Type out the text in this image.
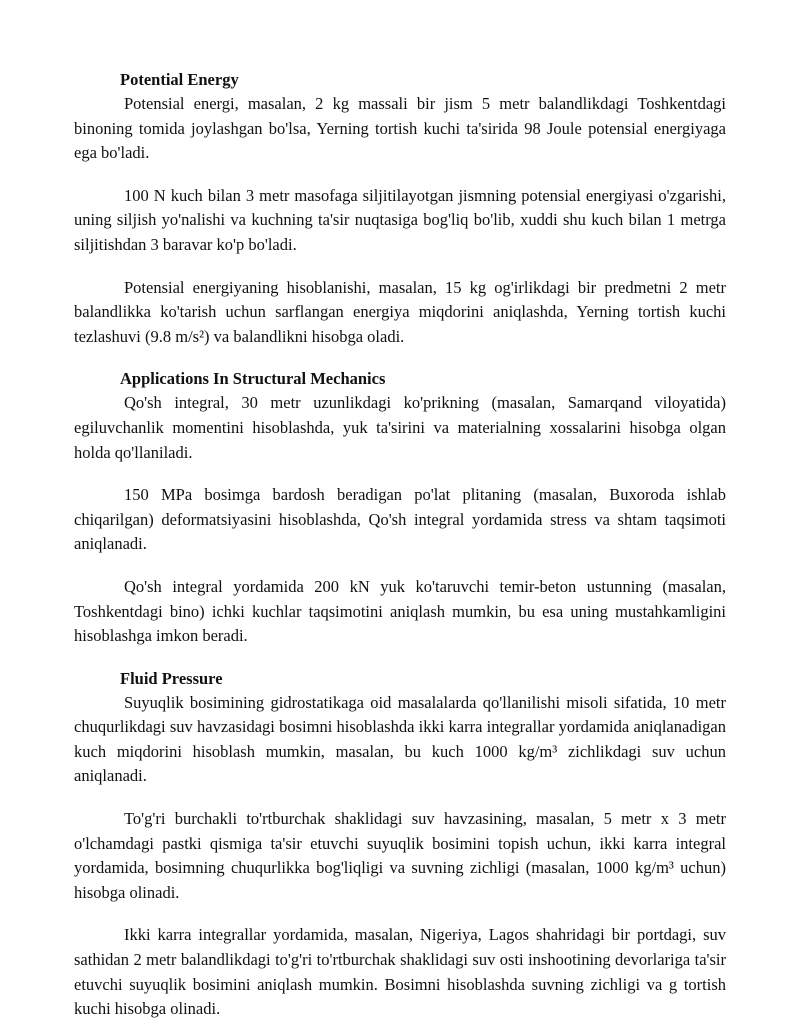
Potential Energy

Potensial energi, masalan, 2 kg massali bir jism 5 metr balandlikdagi Toshkentdagi binoning tomida joylashgan bo'lsa, Yerning tortish kuchi ta'sirida 98 Joule potensial energiyaga ega bo'ladi.

100 N kuch bilan 3 metr masofaga siljitilayotgan jismning potensial energiyasi o'zgarishi, uning siljish yo'nalishi va kuchning ta'sir nuqtasiga bog'liq bo'lib, xuddi shu kuch bilan 1 metrga siljitishdan 3 baravar ko'p bo'ladi.

Potensial energiyaning hisoblanishi, masalan, 15 kg og'irlikdagi bir predmetni 2 metr balandlikka ko'tarish uchun sarflangan energiya miqdorini aniqlashda, Yerning tortish kuchi tezlashuvi (9.8 m/s²) va balandlikni hisobga oladi.

Applications In Structural Mechanics

Qo'sh integral, 30 metr uzunlikdagi ko'prikning (masalan, Samarqand viloyatida) egiluvchanlik momentini hisoblashda, yuk ta'sirini va materialning xossalarini hisobga olgan holda qo'llaniladi.

150 MPa bosimga bardosh beradigan po'lat plitaning (masalan, Buxoroda ishlab chiqarilgan) deformatsiyasini hisoblashda, Qo'sh integral yordamida stress va shtam taqsimoti aniqlanadi.

Qo'sh integral yordamida 200 kN yuk ko'taruvchi temir-beton ustunning (masalan, Toshkentdagi bino) ichki kuchlar taqsimotini aniqlash mumkin, bu esa uning mustahkamligini hisoblashga imkon beradi.

Fluid Pressure

Suyuqlik bosimining gidrostatikaga oid masalalarda qo'llanilishi misoli sifatida, 10 metr chuqurlikdagi suv havzasidagi bosimni hisoblashda ikki karra integrallar yordamida aniqlanadigan kuch miqdorini hisoblash mumkin, masalan, bu kuch 1000 kg/m³ zichlikdagi suv uchun aniqlanadi.

To'g'ri burchakli to'rtburchak shaklidagi suv havzasining, masalan, 5 metr x 3 metr o'lchamdagi pastki qismiga ta'sir etuvchi suyuqlik bosimini topish uchun, ikki karra integral yordamida, bosimning chuqurlikka bog'liqligi va suvning zichligi (masalan, 1000 kg/m³ uchun) hisobga olinadi.

Ikki karra integrallar yordamida, masalan, Nigeriya, Lagos shahridagi bir portdagi, suv sathidan 2 metr balandlikdagi to'g'ri to'rtburchak shaklidagi suv osti inshootining devorlariga ta'sir etuvchi suyuqlik bosimini aniqlash mumkin. Bosimni hisoblashda suvning zichligi va g tortish kuchi hisobga olinadi.
